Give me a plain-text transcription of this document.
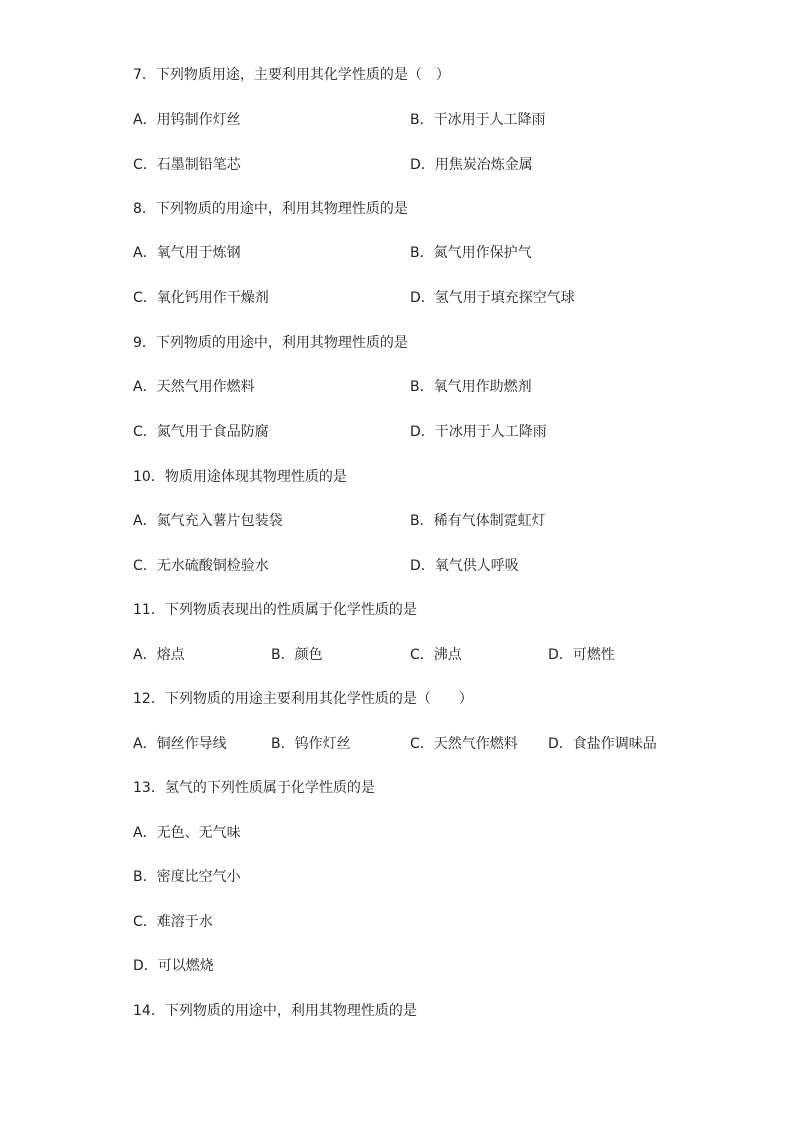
7．下列物质用途，主要利用其化学性质的是（　）
A．用钨制作灯丝	B．干冰用于人工降雨
C．石墨制铅笔芯	D．用焦炭冶炼金属
8．下列物质的用途中，利用其物理性质的是
A．氧气用于炼钢	B．氮气用作保护气
C．氧化钙用作干燥剂	D．氢气用于填充探空气球
9．下列物质的用途中，利用其物理性质的是
A．天然气用作燃料	B．氧气用作助燃剂
C．氮气用于食品防腐	D．干冰用于人工降雨
10．物质用途体现其物理性质的是
A．氮气充入薯片包装袋	B．稀有气体制霓虹灯
C．无水硫酸铜检验水	D．氧气供人呼吸
11．下列物质表现出的性质属于化学性质的是
A．熔点	B．颜色	C．沸点	D．可燃性
12．下列物质的用途主要利用其化学性质的是（　　）
A．铜丝作导线	B．钨作灯丝	C．天然气作燃料 D．食盐作调味品
13．氢气的下列性质属于化学性质的是
A．无色、无气味
B．密度比空气小
C．难溶于水
D．可以燃烧
14．下列物质的用途中，利用其物理性质的是
